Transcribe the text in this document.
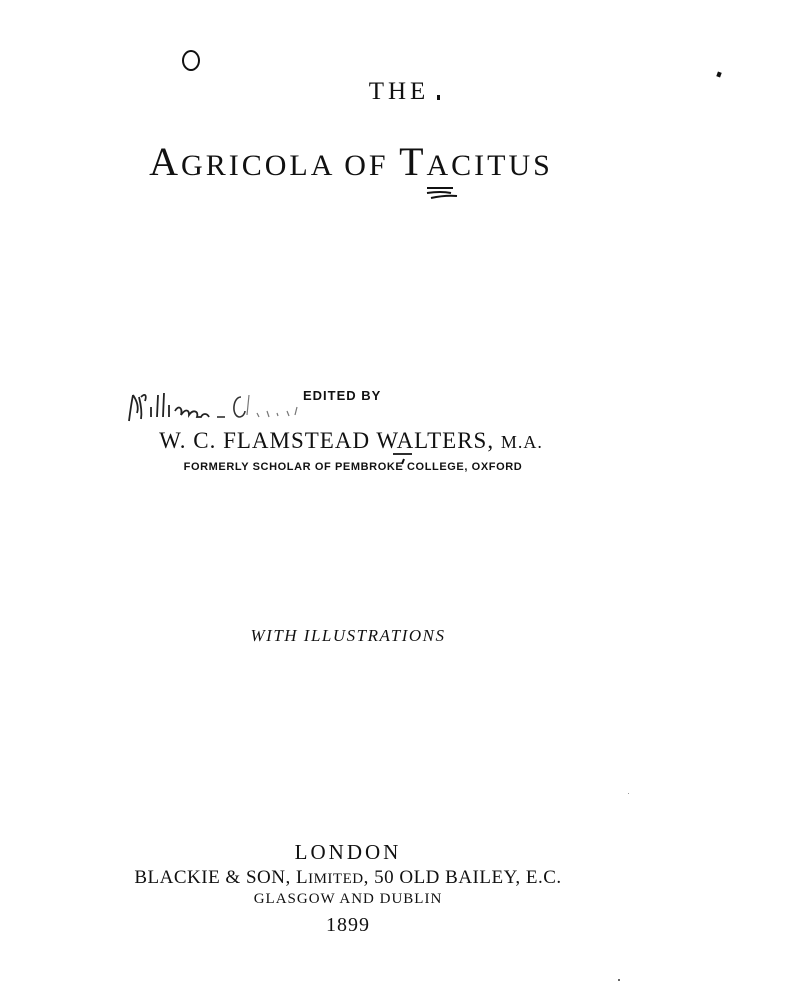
THE
AGRICOLA OF TACITUS
EDITED BY
W. C. FLAMSTEAD WALTERS, M.A.
FORMERLY SCHOLAR OF PEMBROKE COLLEGE, OXFORD
WITH ILLUSTRATIONS
LONDON
BLACKIE & SON, LIMITED, 50 OLD BAILEY, E.C.
GLASGOW AND DUBLIN
1899
